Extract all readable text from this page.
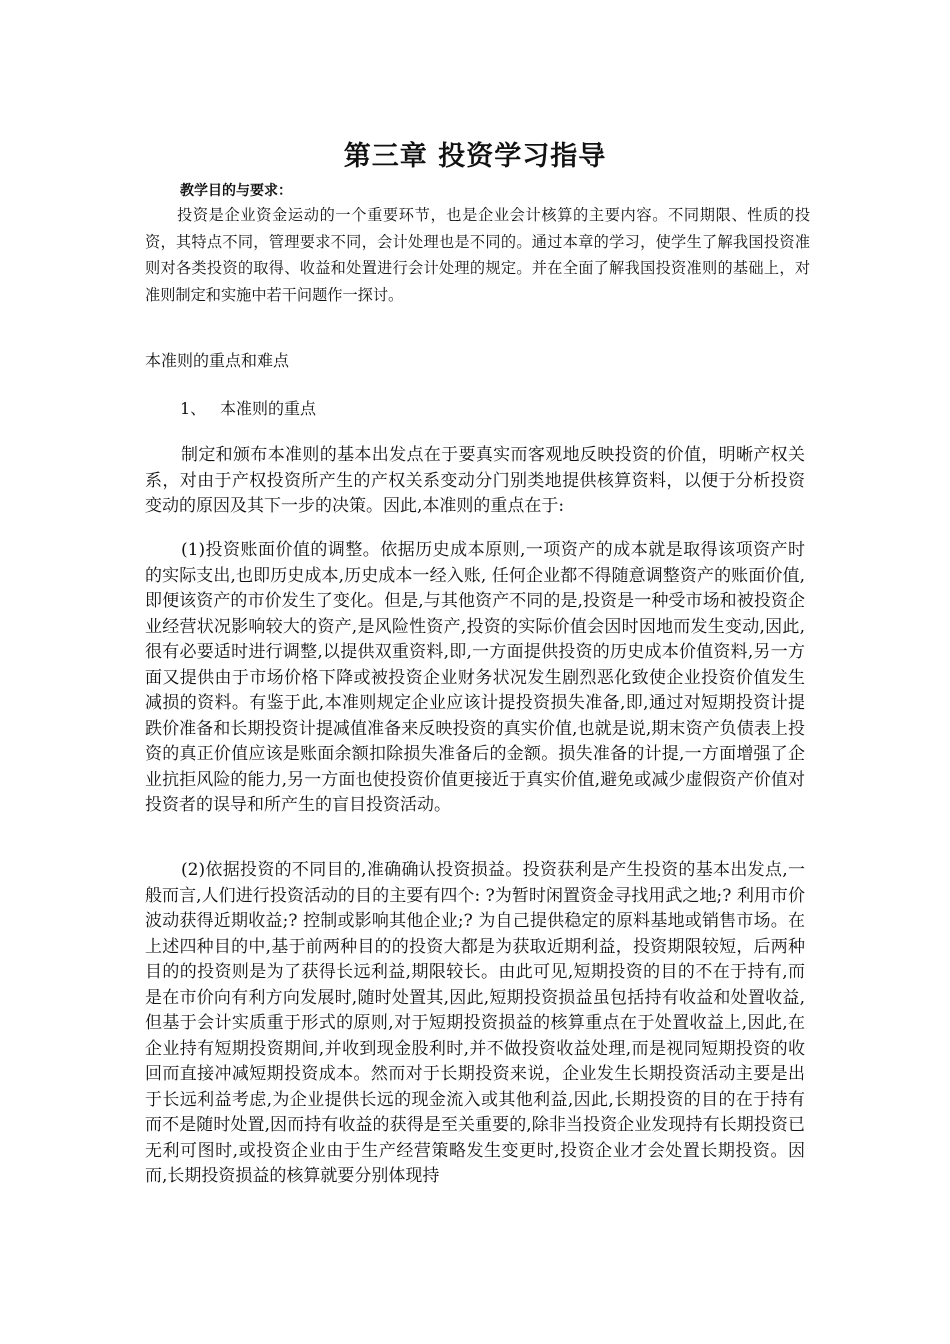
第三章 投资学习指导
教学目的与要求：
投资是企业资金运动的一个重要环节，也是企业会计核算的主要内容。不同期限、性质的投资，其特点不同，管理要求不同，会计处理也是不同的。通过本章的学习，使学生了解我国投资准则对各类投资的取得、收益和处置进行会计处理的规定。并在全面了解我国投资准则的基础上，对准则制定和实施中若干问题作一探讨。
本准则的重点和难点
1、 本准则的重点
制定和颁布本准则的基本出发点在于要真实而客观地反映投资的价值，明晰产权关系，对由于产权投资所产生的产权关系变动分门别类地提供核算资料，以便于分析投资变动的原因及其下一步的决策。因此,本准则的重点在于:
(1)投资账面价值的调整。依据历史成本原则,一项资产的成本就是取得该项资产时的实际支出,也即历史成本,历史成本一经入账, 任何企业都不得随意调整资产的账面价值,即便该资产的市价发生了变化。但是,与其他资产不同的是,投资是一种受市场和被投资企业经营状况影响较大的资产,是风险性资产,投资的实际价值会因时因地而发生变动,因此,很有必要适时进行调整,以提供双重资料,即,一方面提供投资的历史成本价值资料,另一方面又提供由于市场价格下降或被投资企业财务状况发生剧烈恶化致使企业投资价值发生减损的资料。有鉴于此,本准则规定企业应该计提投资损失准备,即,通过对短期投资计提跌价准备和长期投资计提减值准备来反映投资的真实价值,也就是说,期末资产负债表上投资的真正价值应该是账面余额扣除损失准备后的金额。损失准备的计提,一方面增强了企业抗拒风险的能力,另一方面也使投资价值更接近于真实价值,避免或减少虚假资产价值对投资者的误导和所产生的盲目投资活动。
(2)依据投资的不同目的,准确确认投资损益。投资获利是产生投资的基本出发点,一般而言,人们进行投资活动的目的主要有四个: ?为暂时闲置资金寻找用武之地;? 利用市价波动获得近期收益;? 控制或影响其他企业;? 为自己提供稳定的原料基地或销售市场。在上述四种目的中,基于前两种目的的投资大都是为获取近期利益，投资期限较短，后两种目的的投资则是为了获得长远利益,期限较长。由此可见,短期投资的目的不在于持有,而是在市价向有利方向发展时,随时处置其,因此,短期投资损益虽包括持有收益和处置收益,但基于会计实质重于形式的原则,对于短期投资损益的核算重点在于处置收益上,因此,在企业持有短期投资期间,并收到现金股利时,并不做投资收益处理,而是视同短期投资的收回而直接冲减短期投资成本。然而对于长期投资来说，企业发生长期投资活动主要是出于长远利益考虑,为企业提供长远的现金流入或其他利益,因此,长期投资的目的在于持有而不是随时处置,因而持有收益的获得是至关重要的,除非当投资企业发现持有长期投资已无利可图时,或投资企业由于生产经营策略发生变更时,投资企业才会处置长期投资。因而,长期投资损益的核算就要分别体现持
